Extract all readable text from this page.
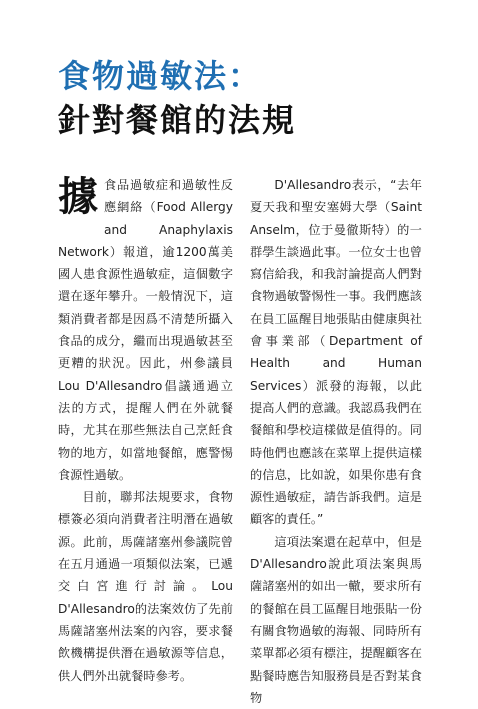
食物過敏法：
針對餐館的法規

據食品過敏症和過敏性反應網絡（Food Allergy and Anaphylaxis Network）報道，逾1200萬美國人患食源性過敏症，這個數字還在逐年攀升。一般情況下，這類消費者都是因爲不清楚所攝入食品的成分，繼而出現過敏甚至更糟的狀況。因此，州參議員Lou D'Allesandro倡議通過立法的方式，提醒人們在外就餐時，尤其在那些無法自己烹飪食物的地方，如當地餐館，應警惕食源性過敏。

目前，聯邦法規要求，食物標簽必須向消費者注明潛在過敏源。此前，馬薩諸塞州參議院曾在五月通過一項類似法案，已遞交白宮進行討論。Lou D'Allesandro的法案效仿了先前馬薩諸塞州法案的內容，要求餐飲機構提供潛在過敏源等信息，供人們外出就餐時參考。

D'Allesandro表示，“去年夏天我和聖安塞姆大學（Saint Anselm，位于曼徹斯特）的一群學生談過此事。一位女士也曾寫信給我，和我討論提高人們對食物過敏警惕性一事。我們應該在員工區醒目地張貼由健康與社會事業部（Department of Health and Human Services）派發的海報，以此提高人們的意識。我認爲我們在餐館和學校這樣做是值得的。同時他們也應該在菜單上提供這樣的信息，比如說，如果你患有食源性過敏症，請告訴我們。這是顧客的責任。”

這項法案還在起草中，但是D'Allesandro說此項法案與馬薩諸塞州的如出一轍，要求所有的餐館在員工區醒目地張貼一份有關食物過敏的海報、同時所有菜單都必須有標注，提醒顧客在點餐時應告知服務員是否對某食物
